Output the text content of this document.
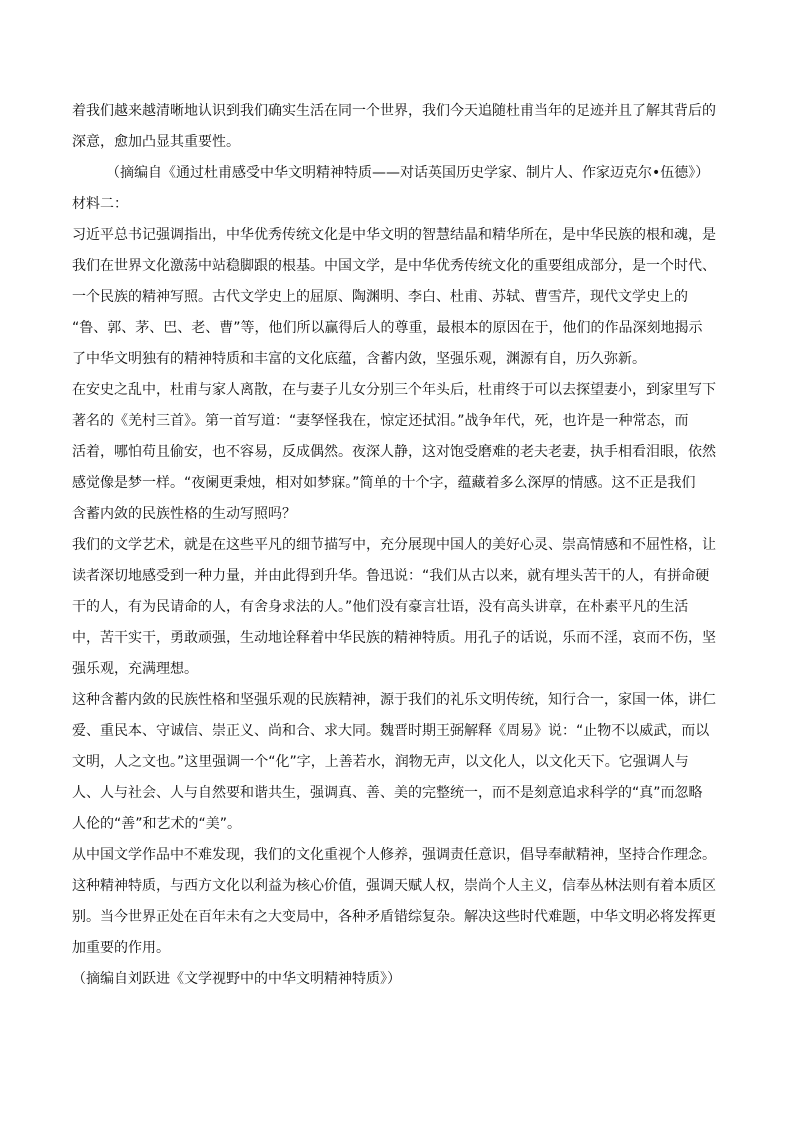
着我们越来越清晰地认识到我们确实生活在同一个世界，我们今天追随杜甫当年的足迹并且了解其背后的
深意，愈加凸显其重要性。
（摘编自《通过杜甫感受中华文明精神特质——对话英国历史学家、制片人、作家迈克尔•伍德》）
材料二：
习近平总书记强调指出，中华优秀传统文化是中华文明的智慧结晶和精华所在，是中华民族的根和魂，是
我们在世界文化激荡中站稳脚跟的根基。中国文学，是中华优秀传统文化的重要组成部分，是一个时代、
一个民族的精神写照。古代文学史上的屈原、陶渊明、李白、杜甫、苏轼、曹雪芹，现代文学史上的
“鲁、郭、茅、巴、老、曹”等，他们所以赢得后人的尊重，最根本的原因在于，他们的作品深刻地揭示
了中华文明独有的精神特质和丰富的文化底蕴，含蓄内敛，坚强乐观，渊源有自，历久弥新。
在安史之乱中，杜甫与家人离散，在与妻子儿女分别三个年头后，杜甫终于可以去探望妻小，到家里写下
著名的《羌村三首》。第一首写道：“妻孥怪我在，惊定还拭泪。”战争年代，死，也许是一种常态，而
活着，哪怕苟且偷安，也不容易，反成偶然。夜深人静，这对饱受磨难的老夫老妻，执手相看泪眼，依然
感觉像是梦一样。“夜阑更秉烛，相对如梦寐。”简单的十个字，蕴藏着多么深厚的情感。这不正是我们
含蓄内敛的民族性格的生动写照吗？
我们的文学艺术，就是在这些平凡的细节描写中，充分展现中国人的美好心灵、崇高情感和不屈性格，让
读者深切地感受到一种力量，并由此得到升华。鲁迅说：“我们从古以来，就有埋头苦干的人，有拼命硬
干的人，有为民请命的人，有舍身求法的人。”他们没有豪言壮语，没有高头讲章，在朴素平凡的生活
中，苦干实干，勇敢顽强，生动地诠释着中华民族的精神特质。用孔子的话说，乐而不淫，哀而不伤，坚
强乐观，充满理想。
这种含蓄内敛的民族性格和坚强乐观的民族精神，源于我们的礼乐文明传统，知行合一，家国一体，讲仁
爱、重民本、守诚信、崇正义、尚和合、求大同。魏晋时期王弼解释《周易》说：“止物不以威武，而以
文明，人之文也。”这里强调一个“化”字，上善若水，润物无声，以文化人，以文化天下。它强调人与
人、人与社会、人与自然要和谐共生，强调真、善、美的完整统一，而不是刻意追求科学的“真”而忽略
人伦的“善”和艺术的“美”。
从中国文学作品中不难发现，我们的文化重视个人修养，强调责任意识，倡导奉献精神，坚持合作理念。
这种精神特质，与西方文化以利益为核心价值，强调天赋人权，崇尚个人主义，信奉丛林法则有着本质区
别。当今世界正处在百年未有之大变局中，各种矛盾错综复杂。解决这些时代难题，中华文明必将发挥更
加重要的作用。
（摘编自刘跃进《文学视野中的中华文明精神特质》）
